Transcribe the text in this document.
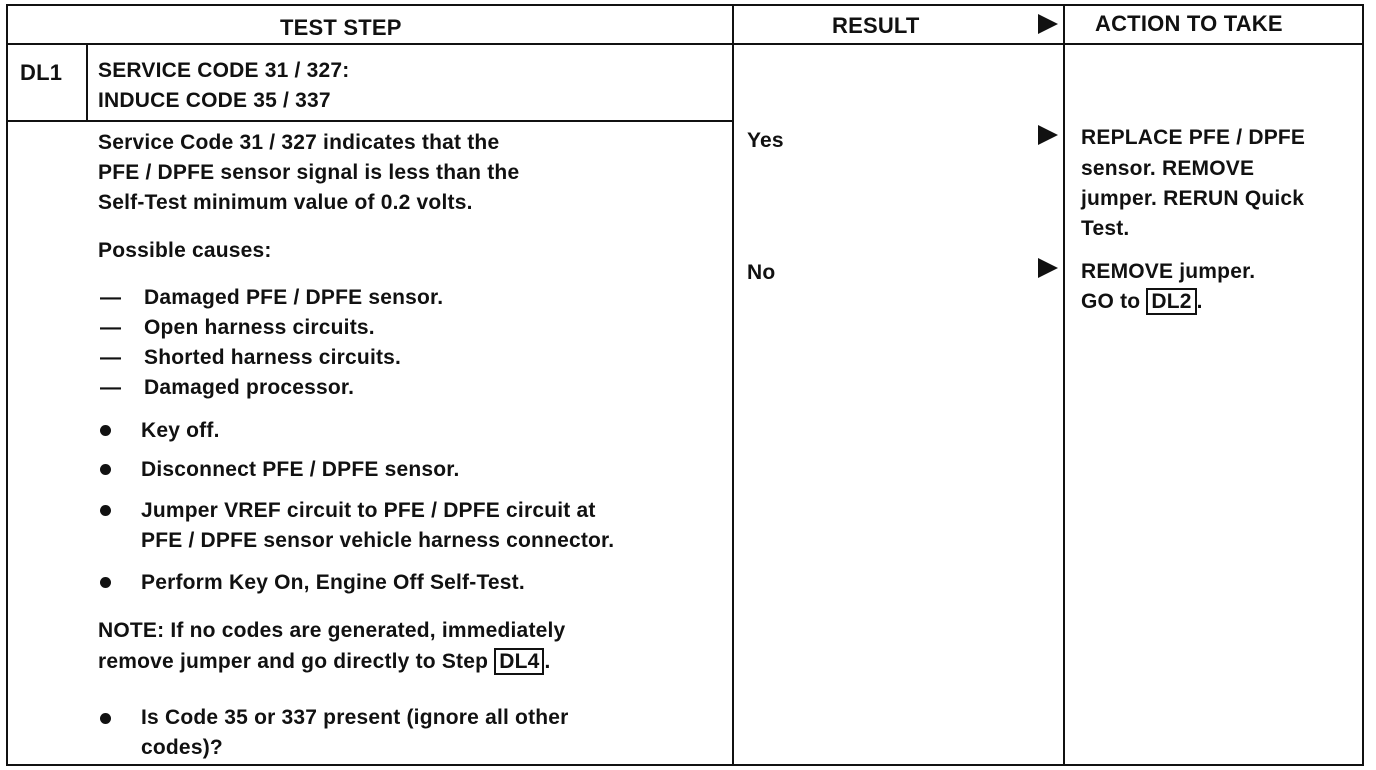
TEST STEP	RESULT	ACTION TO TAKE
DL1 SERVICE CODE 31 / 327:
INDUCE CODE 35 / 337
Service Code 31 / 327 indicates that the
PFE / DPFE sensor signal is less than the
Self-Test minimum value of 0.2 volts.
Possible causes:
— Damaged PFE / DPFE sensor.
— Open harness circuits.
— Shorted harness circuits.
— Damaged processor.
Key off.
Disconnect PFE / DPFE sensor.
Jumper VREF circuit to PFE / DPFE circuit at
PFE / DPFE sensor vehicle harness connector.
Perform Key On, Engine Off Self-Test.
NOTE: If no codes are generated, immediately
remove jumper and go directly to Step DL4 .
Is Code 35 or 337 present (ignore all other
codes)?
Yes
No
REPLACE PFE / DPFE
sensor. REMOVE
jumper. RERUN Quick
Test.
REMOVE jumper.
GO to DL2 .
